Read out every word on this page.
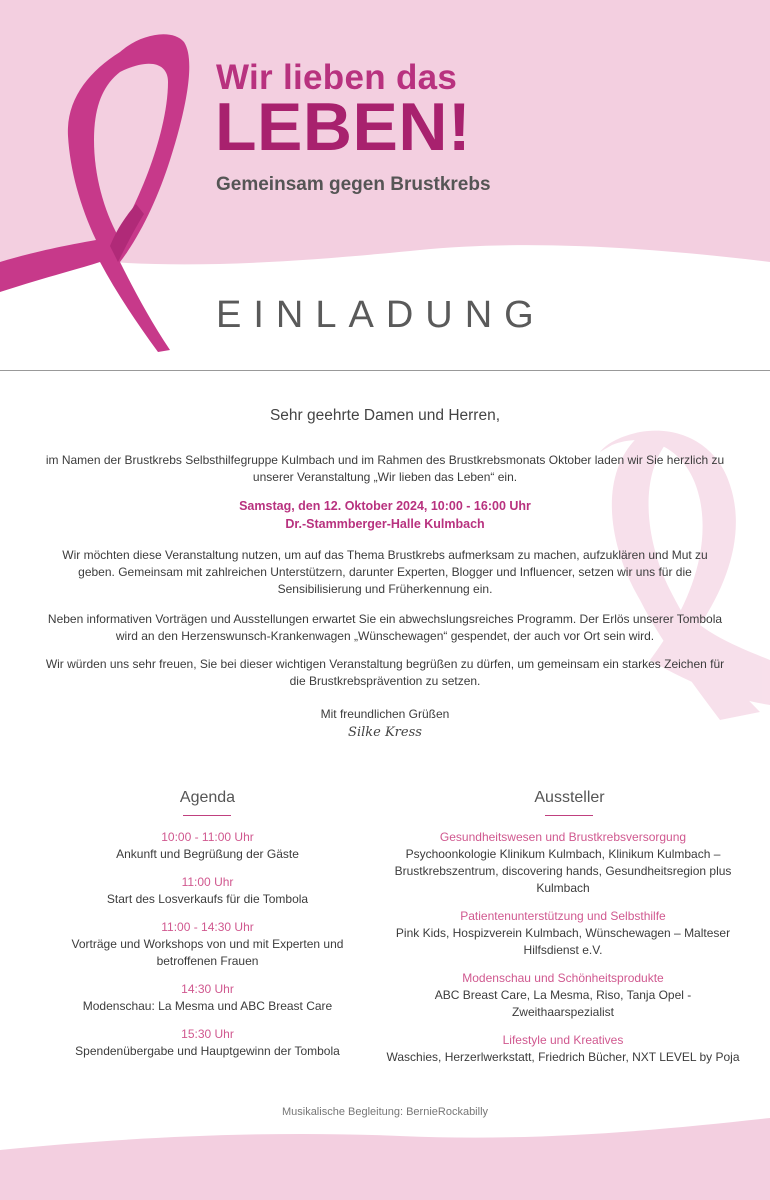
Wir lieben das
LEBEN!
Gemeinsam gegen Brustkrebs
EINLADUNG
Sehr geehrte Damen und Herren,
im Namen der Brustkrebs Selbsthilfegruppe Kulmbach und im Rahmen des Brustkrebsmonats Oktober laden wir Sie herzlich zu unserer Veranstaltung „Wir lieben das Leben“ ein.
Samstag, den 12. Oktober 2024, 10:00 - 16:00 Uhr
Dr.-Stammberger-Halle Kulmbach
Wir möchten diese Veranstaltung nutzen, um auf das Thema Brustkrebs aufmerksam zu machen, aufzuklären und Mut zu geben. Gemeinsam mit zahlreichen Unterstützern, darunter Experten, Blogger und Influencer, setzen wir uns für die Sensibilisierung und Früherkennung ein.
Neben informativen Vorträgen und Ausstellungen erwartet Sie ein abwechslungsreiches Programm. Der Erlös unserer Tombola wird an den Herzenswunsch-Krankenwagen „Wünschewagen“ gespendet, der auch vor Ort sein wird.
Wir würden uns sehr freuen, Sie bei dieser wichtigen Veranstaltung begrüßen zu dürfen, um gemeinsam ein starkes Zeichen für die Brustkrebsprävention zu setzen.
Mit freundlichen Grüßen
Silke Kress
Agenda
10:00 - 11:00 Uhr
Ankunft und Begrüßung der Gäste
11:00 Uhr
Start des Losverkaufs für die Tombola
11:00 - 14:30 Uhr
Vorträge und Workshops von und mit Experten und betroffenen Frauen
14:30 Uhr
Modenschau: La Mesma und ABC Breast Care
15:30 Uhr
Spendenübergabe und Hauptgewinn der Tombola
Aussteller
Gesundheitswesen und Brustkrebsversorgung
Psychoonkologie Klinikum Kulmbach, Klinikum Kulmbach – Brustkrebszentrum, discovering hands, Gesundheitsregion plus Kulmbach
Patientenunterstützung und Selbsthilfe
Pink Kids, Hospizverein Kulmbach, Wünschewagen – Malteser Hilfsdienst e.V.
Modenschau und Schönheitsprodukte
ABC Breast Care, La Mesma, Riso, Tanja Opel - Zweithaarspezialist
Lifestyle und Kreatives
Waschies, Herzerlwerkstatt, Friedrich Bücher, NXT LEVEL by Poja
Musikalische Begleitung: BernieRockabilly
